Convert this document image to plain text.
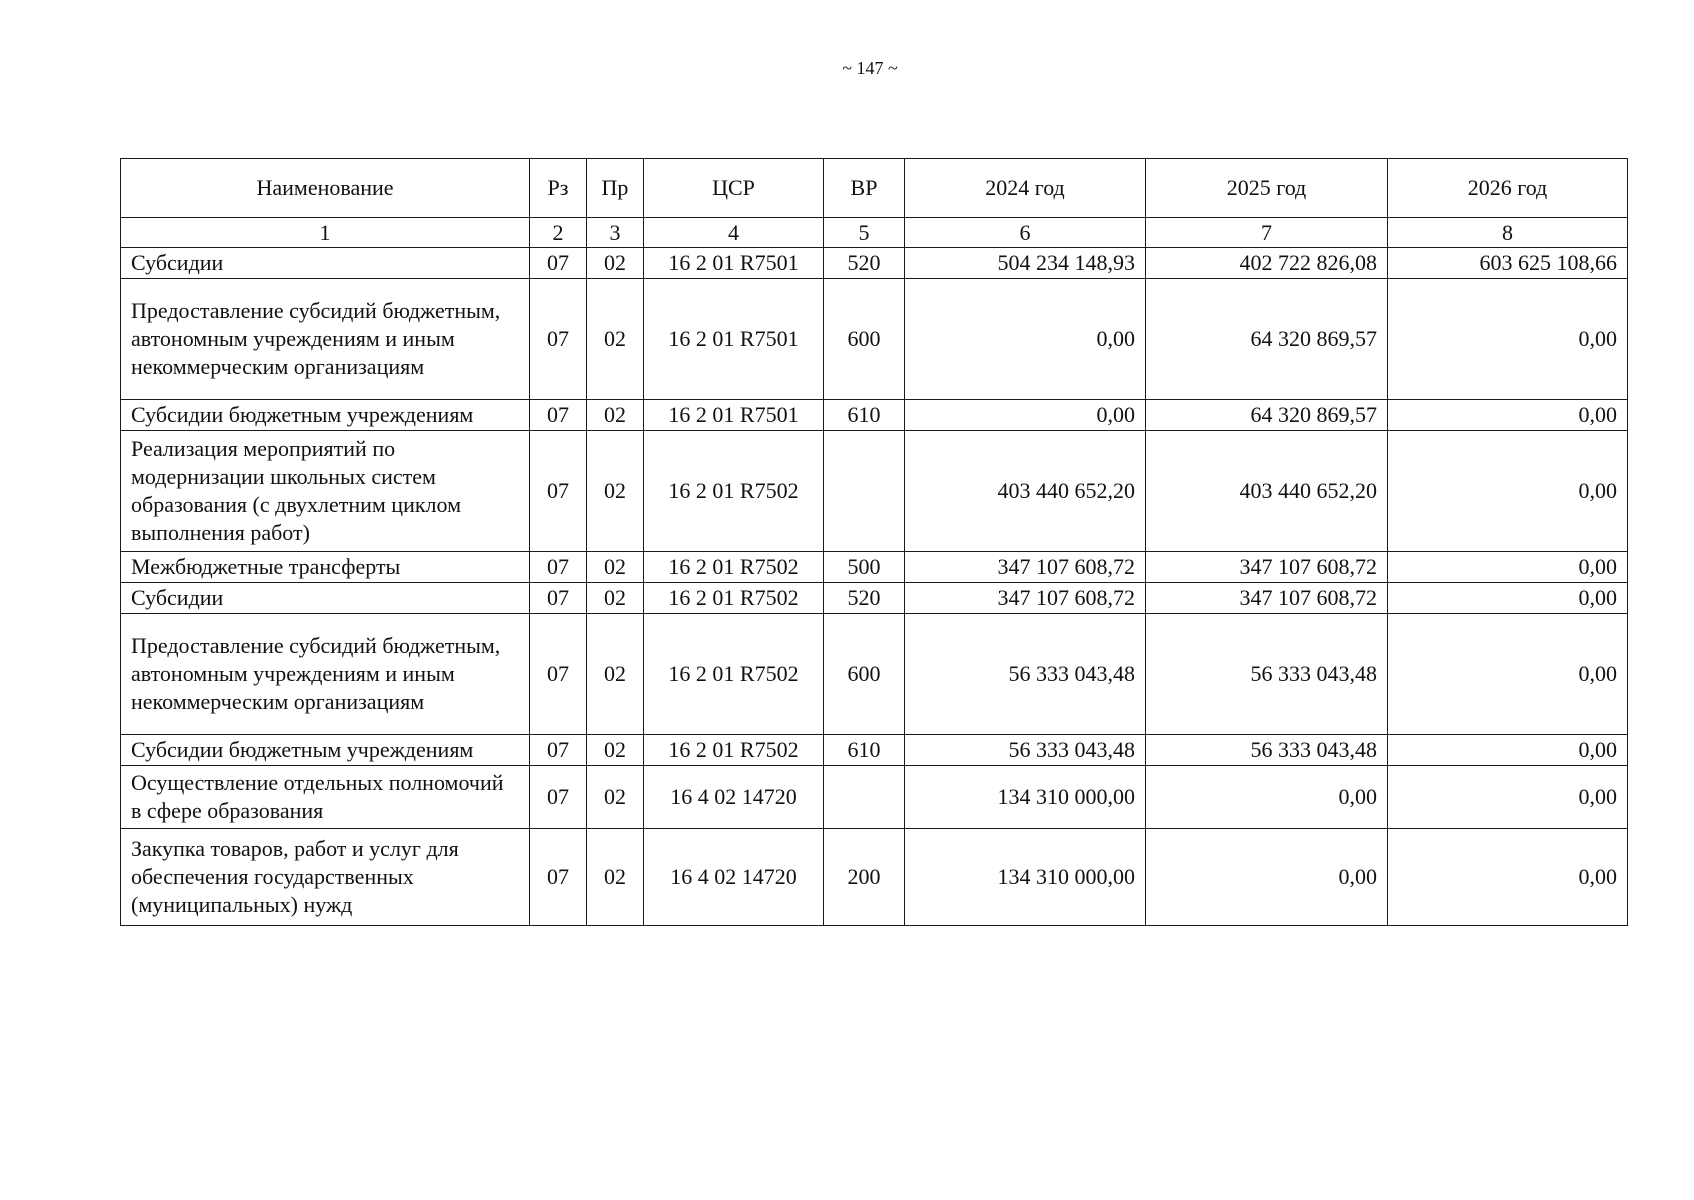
~ 147 ~
Наименование	Рз	Пр	ЦСР	ВР	2024 год	2025 год	2026 год
1	2	3	4	5	6	7	8
Субсидии	07	02	16 2 01 R7501	520	504 234 148,93	402 722 826,08	603 625 108,66
Предоставление субсидий бюджетным, автономным учреждениям и иным некоммерческим организациям	07	02	16 2 01 R7501	600	0,00	64 320 869,57	0,00
Субсидии бюджетным учреждениям	07	02	16 2 01 R7501	610	0,00	64 320 869,57	0,00
Реализация мероприятий по модернизации школьных систем образования (с двухлетним циклом выполнения работ)	07	02	16 2 01 R7502		403 440 652,20	403 440 652,20	0,00
Межбюджетные трансферты	07	02	16 2 01 R7502	500	347 107 608,72	347 107 608,72	0,00
Субсидии	07	02	16 2 01 R7502	520	347 107 608,72	347 107 608,72	0,00
Предоставление субсидий бюджетным, автономным учреждениям и иным некоммерческим организациям	07	02	16 2 01 R7502	600	56 333 043,48	56 333 043,48	0,00
Субсидии бюджетным учреждениям	07	02	16 2 01 R7502	610	56 333 043,48	56 333 043,48	0,00
Осуществление отдельных полномочий в сфере образования	07	02	16 4 02 14720		134 310 000,00	0,00	0,00
Закупка товаров, работ и услуг для обеспечения государственных (муниципальных) нужд	07	02	16 4 02 14720	200	134 310 000,00	0,00	0,00
